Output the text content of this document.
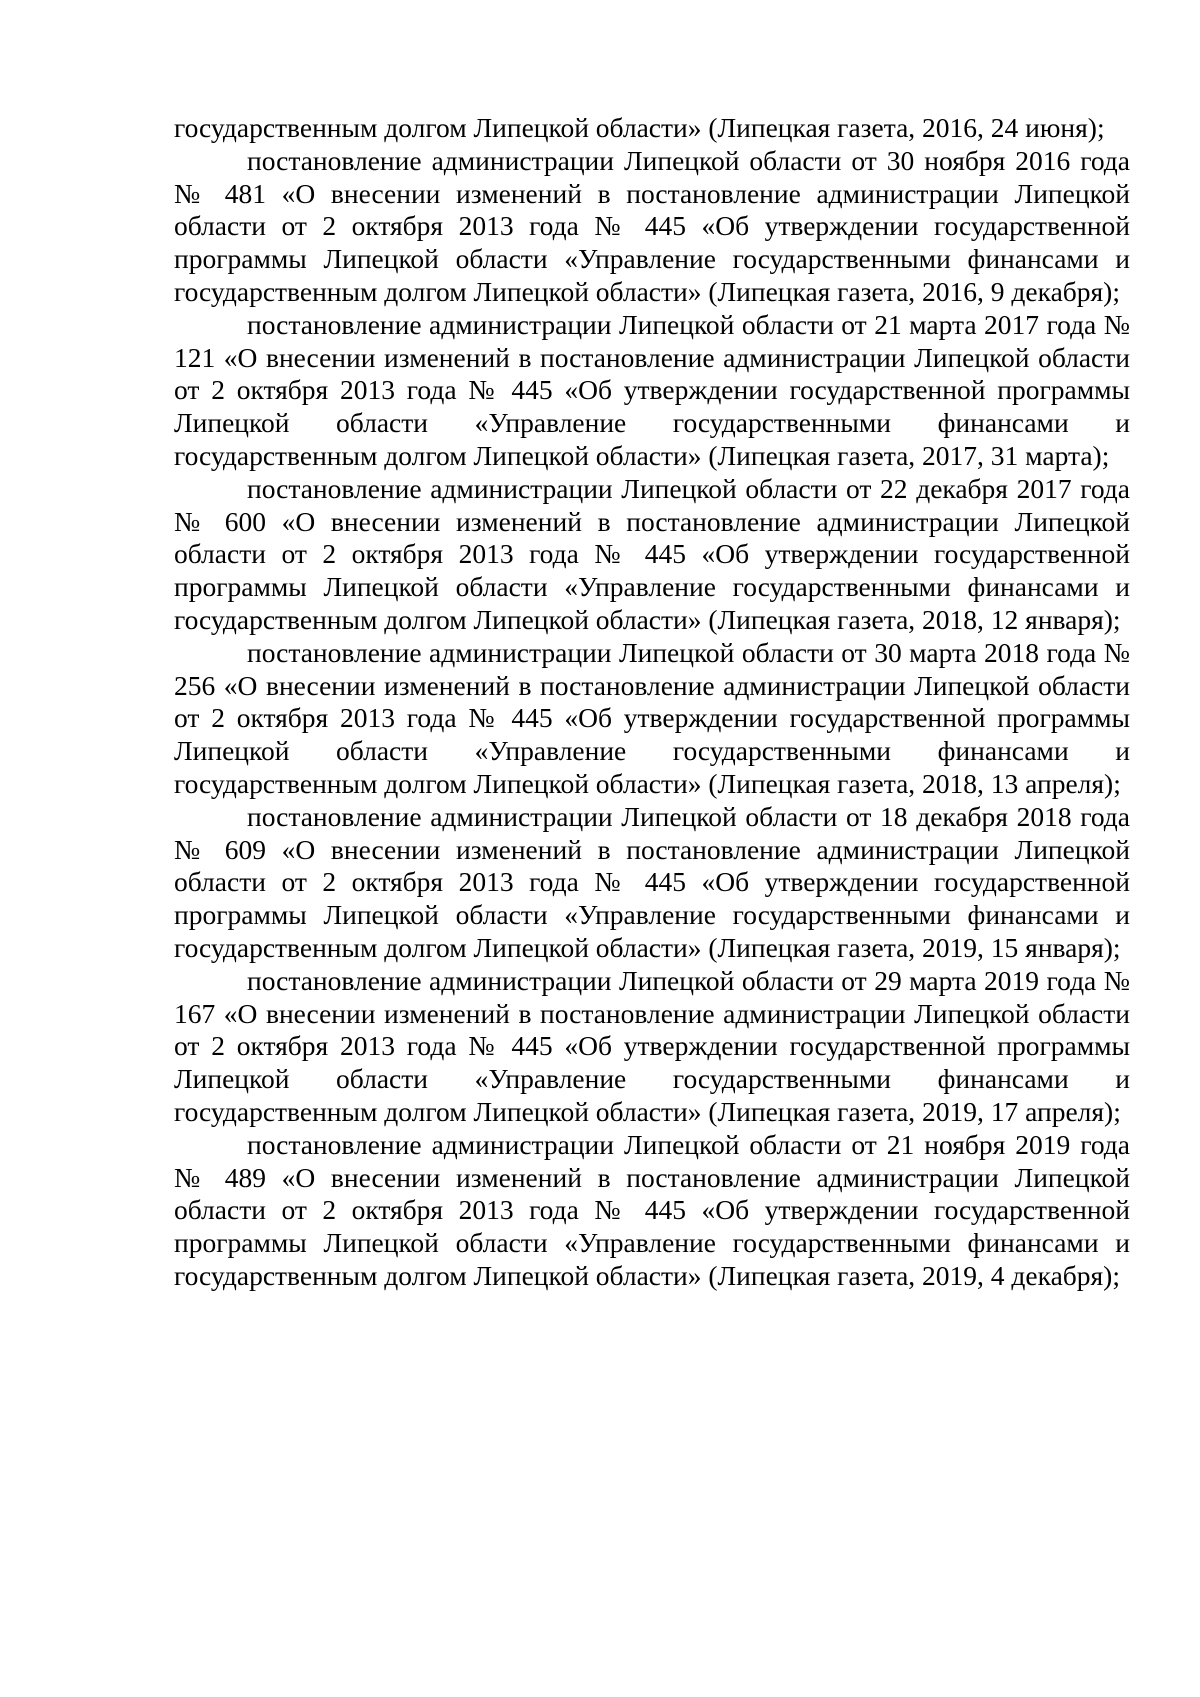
государственным долгом Липецкой области» (Липецкая газета, 2016, 24 июня);

постановление администрации Липецкой области от 30 ноября 2016 года № 481 «О внесении изменений в постановление администрации Липецкой области от 2 октября 2013 года № 445 «Об утверждении государственной программы Липецкой области «Управление государственными финансами и государственным долгом Липецкой области» (Липецкая газета, 2016, 9 декабря);

постановление администрации Липецкой области от 21 марта 2017 года № 121 «О внесении изменений в постановление администрации Липецкой области от 2 октября 2013 года № 445 «Об утверждении государственной программы Липецкой области «Управление государственными финансами и государственным долгом Липецкой области» (Липецкая газета, 2017, 31 марта);

постановление администрации Липецкой области от 22 декабря 2017 года № 600 «О внесении изменений в постановление администрации Липецкой области от 2 октября 2013 года № 445 «Об утверждении государственной программы Липецкой области «Управление государственными финансами и государственным долгом Липецкой области» (Липецкая газета, 2018, 12 января);

постановление администрации Липецкой области от 30 марта 2018 года № 256 «О внесении изменений в постановление администрации Липецкой области от 2 октября 2013 года № 445 «Об утверждении государственной программы Липецкой области «Управление государственными финансами и государственным долгом Липецкой области» (Липецкая газета, 2018, 13 апреля);

постановление администрации Липецкой области от 18 декабря 2018 года № 609 «О внесении изменений в постановление администрации Липецкой области от 2 октября 2013 года № 445 «Об утверждении государственной программы Липецкой области «Управление государственными финансами и государственным долгом Липецкой области» (Липецкая газета, 2019, 15 января);

постановление администрации Липецкой области от 29 марта 2019 года № 167 «О внесении изменений в постановление администрации Липецкой области от 2 октября 2013 года № 445 «Об утверждении государственной программы Липецкой области «Управление государственными финансами и государственным долгом Липецкой области» (Липецкая газета, 2019, 17 апреля);

постановление администрации Липецкой области от 21 ноября 2019 года № 489 «О внесении изменений в постановление администрации Липецкой области от 2 октября 2013 года № 445 «Об утверждении государственной программы Липецкой области «Управление государственными финансами и государственным долгом Липецкой области» (Липецкая газета, 2019, 4 декабря);
